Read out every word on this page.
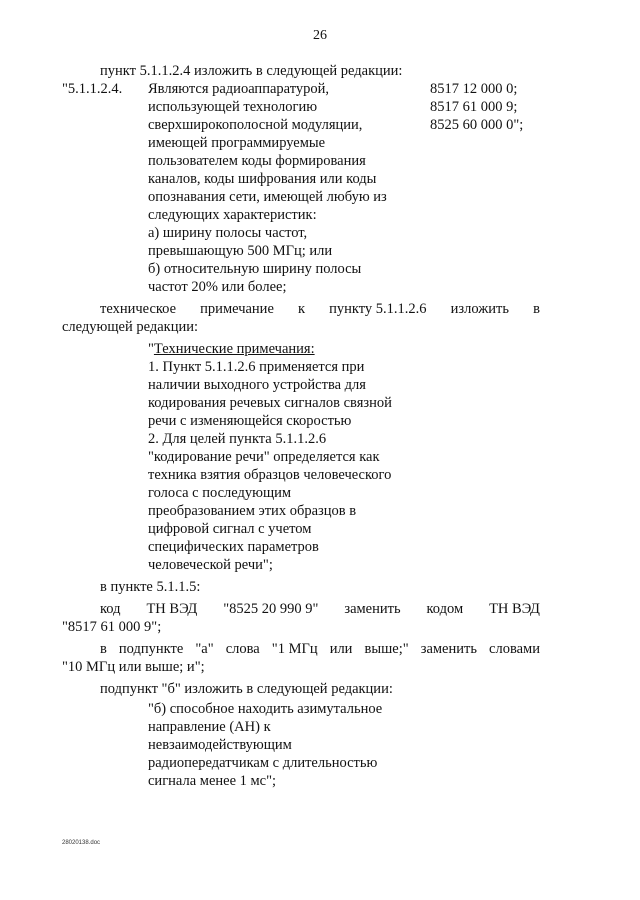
26
пункт 5.1.1.2.4 изложить в следующей редакции:
"5.1.1.2.4. Являются радиоаппаратурой,
использующей технологию
сверхширокополосной модуляции,
имеющей программируемые
пользователем коды формирования
каналов, коды шифрования или коды
опознавания сети, имеющей любую из
следующих характеристик:
а) ширину полосы частот,
превышающую 500 МГц; или
б) относительную ширину полосы
частот 20% или более;
8517 12 000 0;
8517 61 000 9;
8525 60 000 0";
техническое примечание к пункту 5.1.1.2.6 изложить в
следующей редакции:
"Технические примечания:
1. Пункт 5.1.1.2.6 применяется при
наличии выходного устройства для
кодирования речевых сигналов связной
речи с изменяющейся скоростью
2. Для целей пункта 5.1.1.2.6
"кодирование речи" определяется как
техника взятия образцов человеческого
голоса с последующим
преобразованием этих образцов в
цифровой сигнал с учетом
специфических параметров
человеческой речи";
в пункте 5.1.1.5:
код ТН ВЭД "8525 20 990 9" заменить кодом ТН ВЭД
"8517 61 000 9";
в подпункте "а" слова "1 МГц или выше;" заменить словами
"10 МГц или выше; и";
подпункт "б" изложить в следующей редакции:
"б) способное находить азимутальное
направление (АН) к
невзаимодействующим
радиопередатчикам с длительностью
сигнала менее 1 мс";
28020138.doc
